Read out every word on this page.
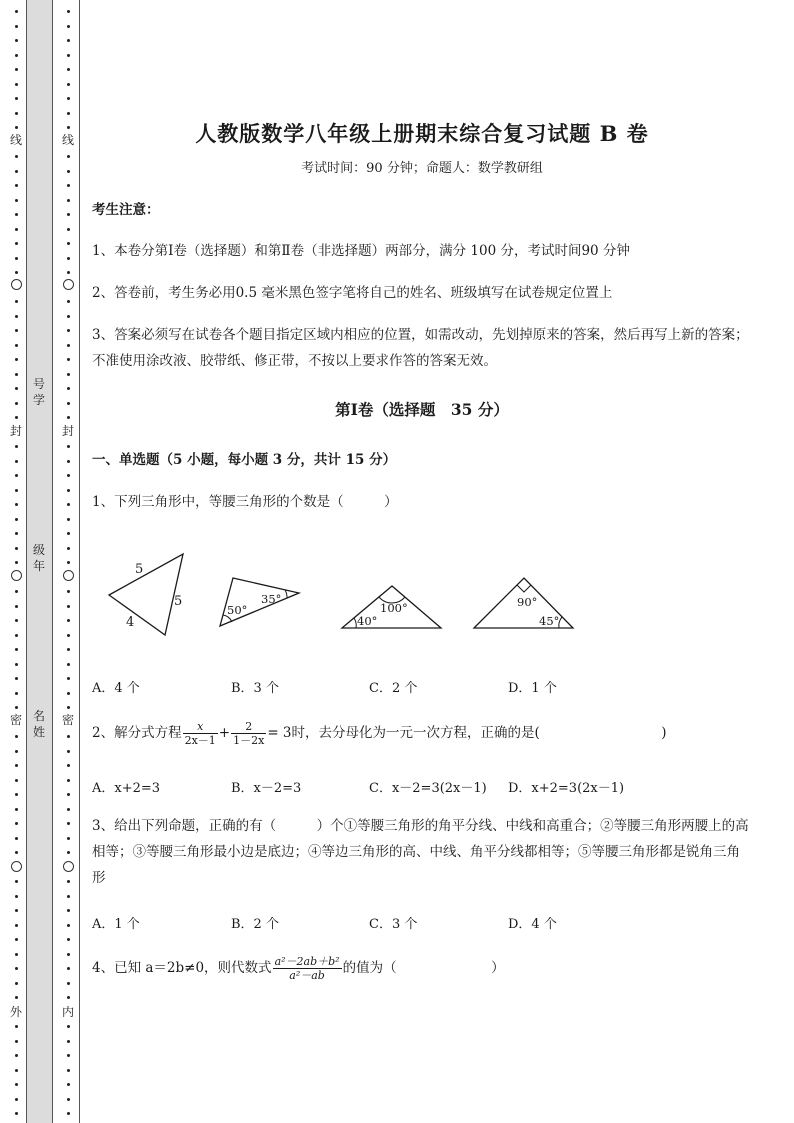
线
封
密
外
线
封
密
内
号学
级年
名姓
人教版数学八年级上册期末综合复习试题 B 卷
考试时间：90 分钟；命题人：数学教研组
考生注意：
1、本卷分第Ⅰ卷（选择题）和第Ⅱ卷（非选择题）两部分，满分 100 分，考试时间90 分钟
2、答卷前，考生务必用0.5 毫米黑色签字笔将自己的姓名、班级填写在试卷规定位置上
3、答案必须写在试卷各个题目指定区域内相应的位置，如需改动，先划掉原来的答案，然后再写上新的答案；不准使用涂改液、胶带纸、修正带，不按以上要求作答的答案无效。
第Ⅰ卷（选择题　35 分）
一、单选题（5 小题，每小题 3 分，共计 15 分）
1、下列三角形中，等腰三角形的个数是（　　　）
A．4 个	B．3 个	C．2 个	D．1 个
2、解分式方程 $\frac{x}{2x-1} + \frac{2}{1-2x} = 3$时，去分母化为一元一次方程，正确的是(　　　　　　　　　)
A．x+2=3	B．x－2=3	C．x－2=3(2x－1) D．x+2=3(2x－1)
3、给出下列命题，正确的有（　　　）个①等腰三角形的角平分线、中线和高重合；②等腰三角形两腰上的高相等；③等腰三角形最小边是底边；④等边三角形的高、中线、角平分线都相等；⑤等腰三角形都是锐角三角形
A．1 个	B．2 个	C．3 个	D．4 个
4、已知 a＝2b≠0，则代数式 $\frac{\text{a²－2ab＋b²}}{\text{a²－ab}}$ 的值为（　　　　　　　）
5
5
4
50°
35°
100°
40°
90°
45°
